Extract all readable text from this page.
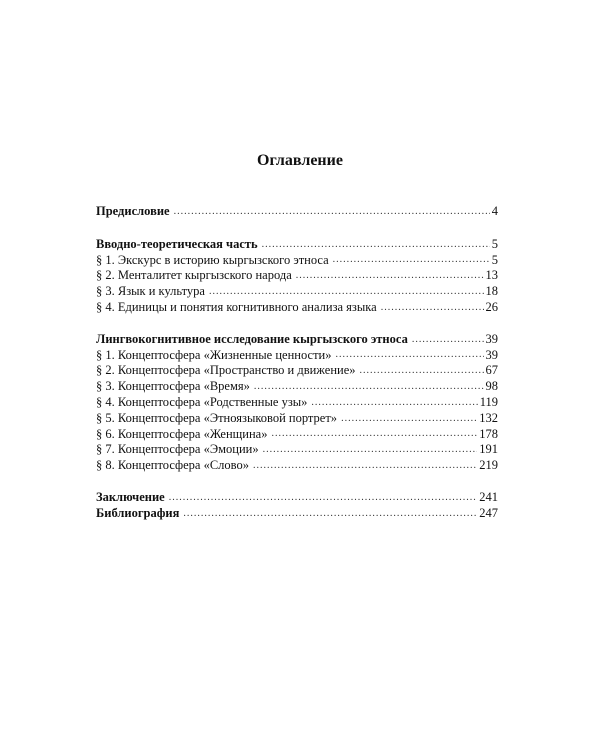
Оглавление
Предисловие .....	4
Вводно-теоретическая часть .....	5
§ 1. Экскурс в историю кыргызского этноса .....	5
§ 2. Менталитет кыргызского народа .....	13
§ 3. Язык и культура .....	18
§ 4. Единицы и понятия когнитивного анализа языка .....	26
Лингвокогнитивное исследование кыргызского этноса .....	39
§ 1. Концептосфера «Жизненные ценности» .....	39
§ 2. Концептосфера «Пространство и движение» .....	67
§ 3. Концептосфера «Время» .....	98
§ 4. Концептосфера «Родственные узы» .....	119
§ 5. Концептосфера «Этноязыковой портрет» .....	132
§ 6. Концептосфера «Женщина» .....	178
§ 7. Концептосфера «Эмоции» .....	191
§ 8. Концептосфера «Слово» .....	219
Заключение .....	241
Библиография .....	247
